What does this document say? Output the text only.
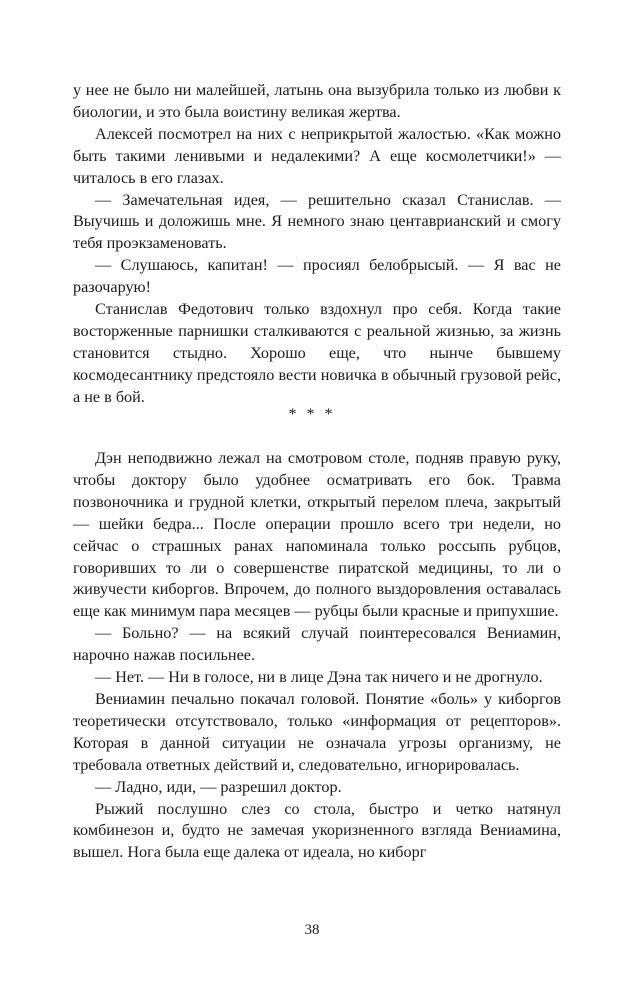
у нее не было ни малейшей, латынь она вызубрила только из любви к биологии, и это была воистину великая жертва.

Алексей посмотрел на них с неприкрытой жалостью. «Как можно быть такими ленивыми и недалекими? А еще космолетчики!» — читалось в его глазах.

— Замечательная идея, — решительно сказал Станислав. — Выучишь и доложишь мне. Я немного знаю центаврианский и смогу тебя проэкзаменовать.

— Слушаюсь, капитан! — просиял белобрысый. — Я вас не разочарую!

Станислав Федотович только вздохнул про себя. Когда такие восторженные парнишки сталкиваются с реальной жизнью, за жизнь становится стыдно. Хорошо еще, что нынче бывшему космодесантнику предстояло вести новичка в обычный грузовой рейс, а не в бой.

* * *

Дэн неподвижно лежал на смотровом столе, подняв правую руку, чтобы доктору было удобнее осматривать его бок. Травма позвоночника и грудной клетки, открытый перелом плеча, закрытый — шейки бедра... После операции прошло всего три недели, но сейчас о страшных ранах напоминала только россыпь рубцов, говоривших то ли о совершенстве пиратской медицины, то ли о живучести киборгов. Впрочем, до полного выздоровления оставалась еще как минимум пара месяцев — рубцы были красные и припухшие.

— Больно? — на всякий случай поинтересовался Вениамин, нарочно нажав посильнее.

— Нет. — Ни в голосе, ни в лице Дэна так ничего и не дрогнуло.

Вениамин печально покачал головой. Понятие «боль» у киборгов теоретически отсутствовало, только «информация от рецепторов». Которая в данной ситуации не означала угрозы организму, не требовала ответных действий и, следовательно, игнорировалась.

— Ладно, иди, — разрешил доктор.

Рыжий послушно слез со стола, быстро и четко натянул комбинезон и, будто не замечая укоризненного взгляда Вениамина, вышел. Нога была еще далека от идеала, но киборг

38
